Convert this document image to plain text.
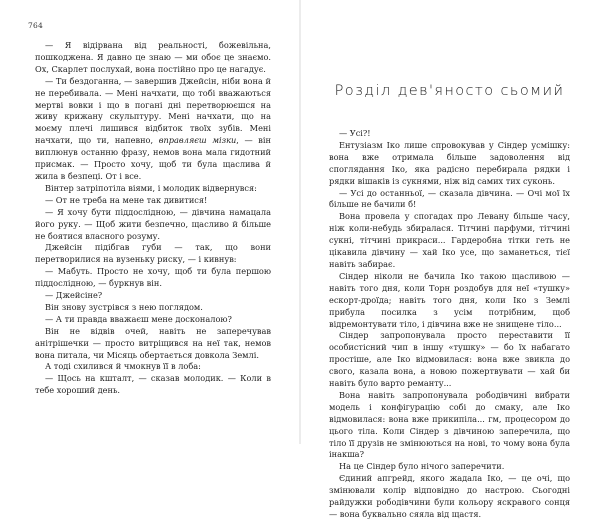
764

— Я відірвана від реальності, божевільна, пошкоджена. Я давно це знаю — ми обоє це знаємо. Ох, Скарлет послухай, вона постійно про це нагадує.

— Ти бездоганна, — завершив Джейсін, ніби вона й не перебивала. — Мені начхати, що тобі вважаються мертві вовки і що в погані дні перетворюєшся на живу крижану скульптуру. Мені начхати, що на моєму плечі лишився відбиток твоїх зубів. Мені начхати, що ти, напевно, вправляєш мізки, — він виплюнув останню фразу, немов вона мала гидотний присмак. — Просто хочу, щоб ти була щаслива й жила в безпеці. От і все.

Вінтер затріпотіла віями, і молодик відвернувся:

— От не треба на мене так дивитися!

— Я хочу бути піддослідною, — дівчина намацала його руку. — Щоб жити безпечно, щасливо й більше не боятися власного розуму.

Джейсін підібгав губи — так, що вони перетворилися на вузеньку риску, — і кивнув:

— Мабуть. Просто не хочу, щоб ти була першою піддослідною, — буркнув він.

— Джейсіне?

Він знову зустрівся з нею поглядом.

— А ти правда вважаєш мене досконалою?

Він не відвів очей, навіть не заперечував анітрішечки — просто витріщився на неї так, немов вона питала, чи Місяць обертається довкола Землі.

А тоді схилився й чмокнув її в лоба:

— Щось на кшталт, — сказав молодик. — Коли в тебе хороший день.

Розділ дев'яносто сьомий

— Усі?!

Ентузіазм Іко лише спровокував у Сіндер усмішку: вона вже отримала більше задоволення від споглядання Іко, яка радісно перебирала рядки і рядки вішаків із сукнями, ніж від самих тих суконь.

— Усі до останньої, — сказала дівчина. — Очі мої їх більше не бачили б!

Вона провела у спогадах про Левану більше часу, ніж коли-небудь збиралася. Тітчині парфуми, тітчині сукні, тітчині прикраси... Гардеробна тітки геть не цікавила дівчину — хай Іко усе, що заманеться, тієї навіть забирає.

Сіндер ніколи не бачила Іко такою щасливою — навіть того дня, коли Торн роздобув для неї «тушку» ескорт-дроїда; навіть того дня, коли Іко з Землі прибула посилка з усім потрібним, щоб відремонтувати тіло, і дівчина вже не знищене тіло...

Сіндер запропонувала просто переставити її особистісний чип в іншу «тушку» — бо їх набагато простіше, але Іко відмовилася: вона вже звикла до свого, казала вона, а новою пожертвувати — хай би навіть було варто реманту...

Вона навіть запропонувала рободівчині вибрати модель і конфігурацію собі до смаку, але Іко відмовилася: вона вже прикипіла... гм, процесором до цього тіла. Коли Сіндер з дівчиною заперечила, що тіло її друзів не змінюються на нові, то чому вона була інакша?

На це Сіндер було нічого заперечити.

Єдиний апгрейд, якого жадала Іко, — це очі, що змінювали колір відповідно до настрою. Сьогодні райдужки рободівчини були кольору яскравого сонця — вона буквально сяяла від щастя.
